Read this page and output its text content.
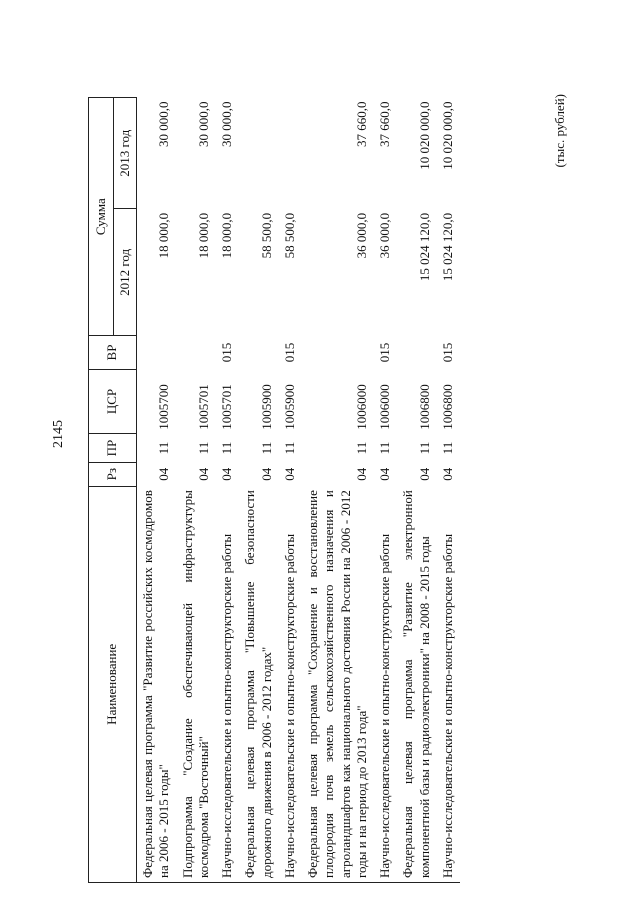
2145
(тыс. рублей)
Наименование	Рз	ПР	ЦСР	ВР	Сумма	
					2012 год	2013 год
Федеральная целевая программа "Развитие российских космодромов на 2006 - 2015 годы"	04	11	1005700		18 000,0	30 000,0
Подпрограмма "Создание обеспечивающей инфраструктуры космодрома "Восточный"	04	11	1005701		18 000,0	30 000,0
Научно-исследовательские и опытно-конструкторские работы	04	11	1005701	015	18 000,0	30 000,0
Федеральная целевая программа "Повышение безопасности дорожного движения в 2006 - 2012 годах"	04	11	1005900		58 500,0	
Научно-исследовательские и опытно-конструкторские работы	04	11	1005900	015	58 500,0	
Федеральная целевая программа "Сохранение и восстановление плодородия почв земель сельскохозяйственного назначения и агроландшафтов как национального достояния России на 2006 - 2012 годы и на период до 2013 года"	04	11	1006000		36 000,0	37 660,0
Научно-исследовательские и опытно-конструкторские работы	04	11	1006000	015	36 000,0	37 660,0
Федеральная целевая программа "Развитие электронной компонентной базы и радиоэлектроники" на 2008 - 2015 годы	04	11	1006800		15 024 120,0	10 020 000,0
Научно-исследовательские и опытно-конструкторские работы	04	11	1006800	015	15 024 120,0	10 020 000,0
